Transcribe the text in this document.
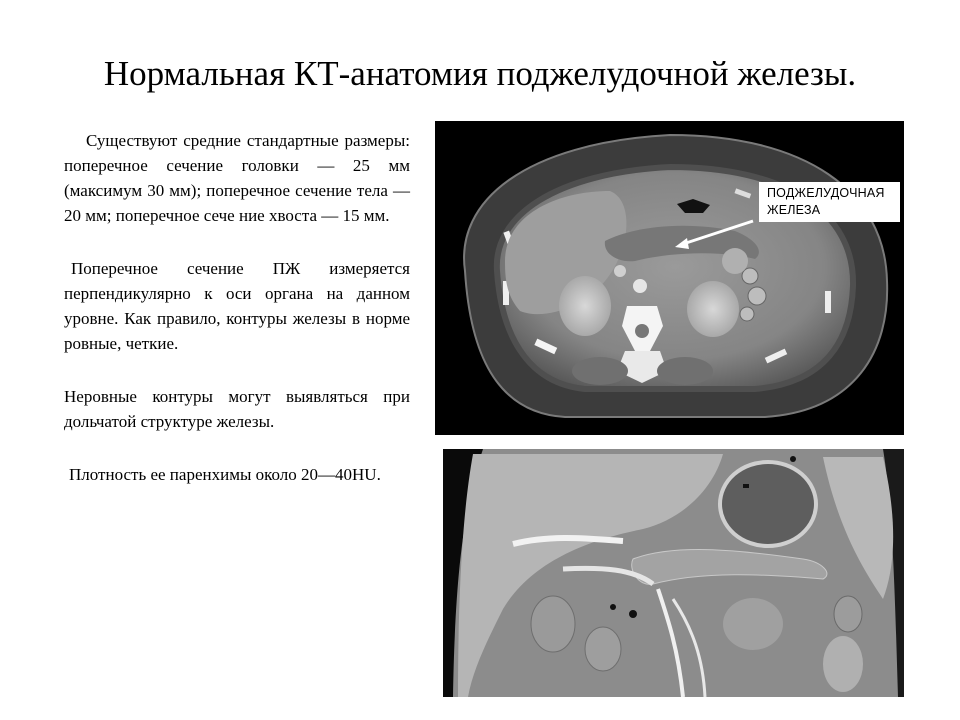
Нормальная КТ-анатомия поджелудочной железы.

Существуют средние стандартные размеры: поперечное сечение головки — 25 мм (максимум 30 мм); поперечное сечение тела — 20 мм; поперечное сече ние хвоста — 15 мм.

Поперечное сечение ПЖ измеряется перпендикулярно к оси органа на данном уровне. Как правило, контуры железы в норме ровные, четкие.

Неровные контуры могут выявляться при дольчатой структуре железы.

Плотность ее паренхимы около 20—40HU.

ПОДЖЕЛУДОЧНАЯ
ЖЕЛЕЗА
